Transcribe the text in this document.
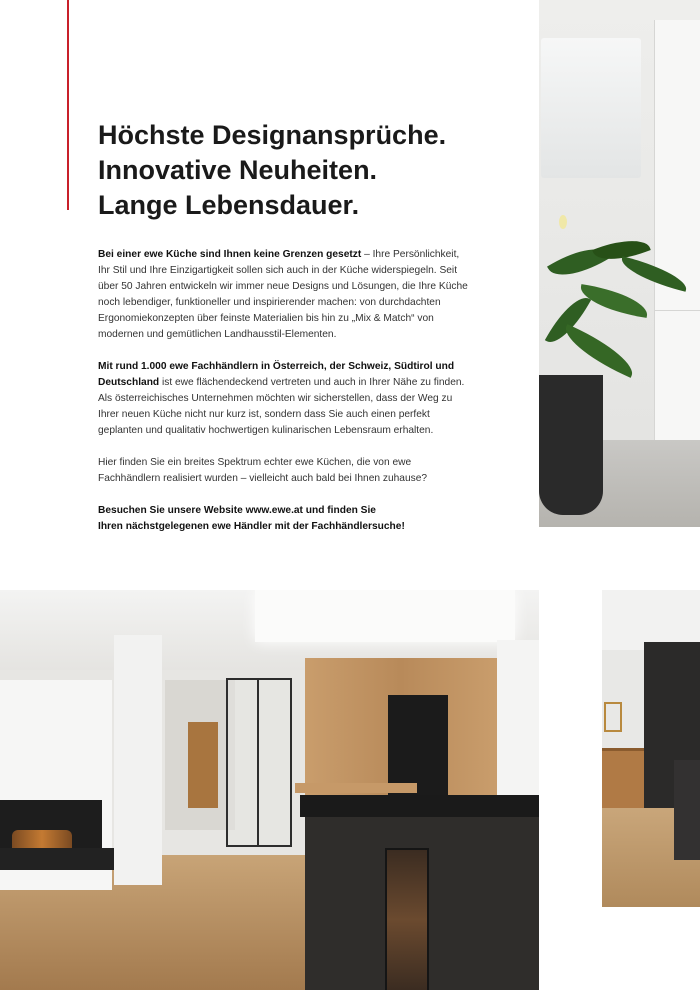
Höchste Designansprüche.
Innovative Neuheiten.
Lange Lebensdauer.

Bei einer ewe Küche sind Ihnen keine Grenzen gesetzt – Ihre Persönlichkeit, Ihr Stil und Ihre Einzigartigkeit sollen sich auch in der Küche widerspiegeln. Seit über 50 Jahren entwickeln wir immer neue Designs und Lösungen, die Ihre Küche noch lebendiger, funktioneller und inspirierender machen: von durchdachten Ergonomiekonzepten über feinste Materialien bis hin zu „Mix & Match“ von modernen und gemütlichen Landhausstil-Elementen.

Mit rund 1.000 ewe Fachhändlern in Österreich, der Schweiz, Südtirol und Deutschland ist ewe flächendeckend vertreten und auch in Ihrer Nähe zu finden. Als österreichisches Unternehmen möchten wir sicherstellen, dass der Weg zu Ihrer neuen Küche nicht nur kurz ist, sondern dass Sie auch einen perfekt geplanten und qualitativ hochwertigen kulinarischen Lebensraum erhalten.

Hier finden Sie ein breites Spektrum echter ewe Küchen, die von ewe Fachhändlern realisiert wurden – vielleicht auch bald bei Ihnen zuhause?

Besuchen Sie unsere Website www.ewe.at und finden Sie
Ihren nächstgelegenen ewe Händler mit der Fachhändlersuche!
